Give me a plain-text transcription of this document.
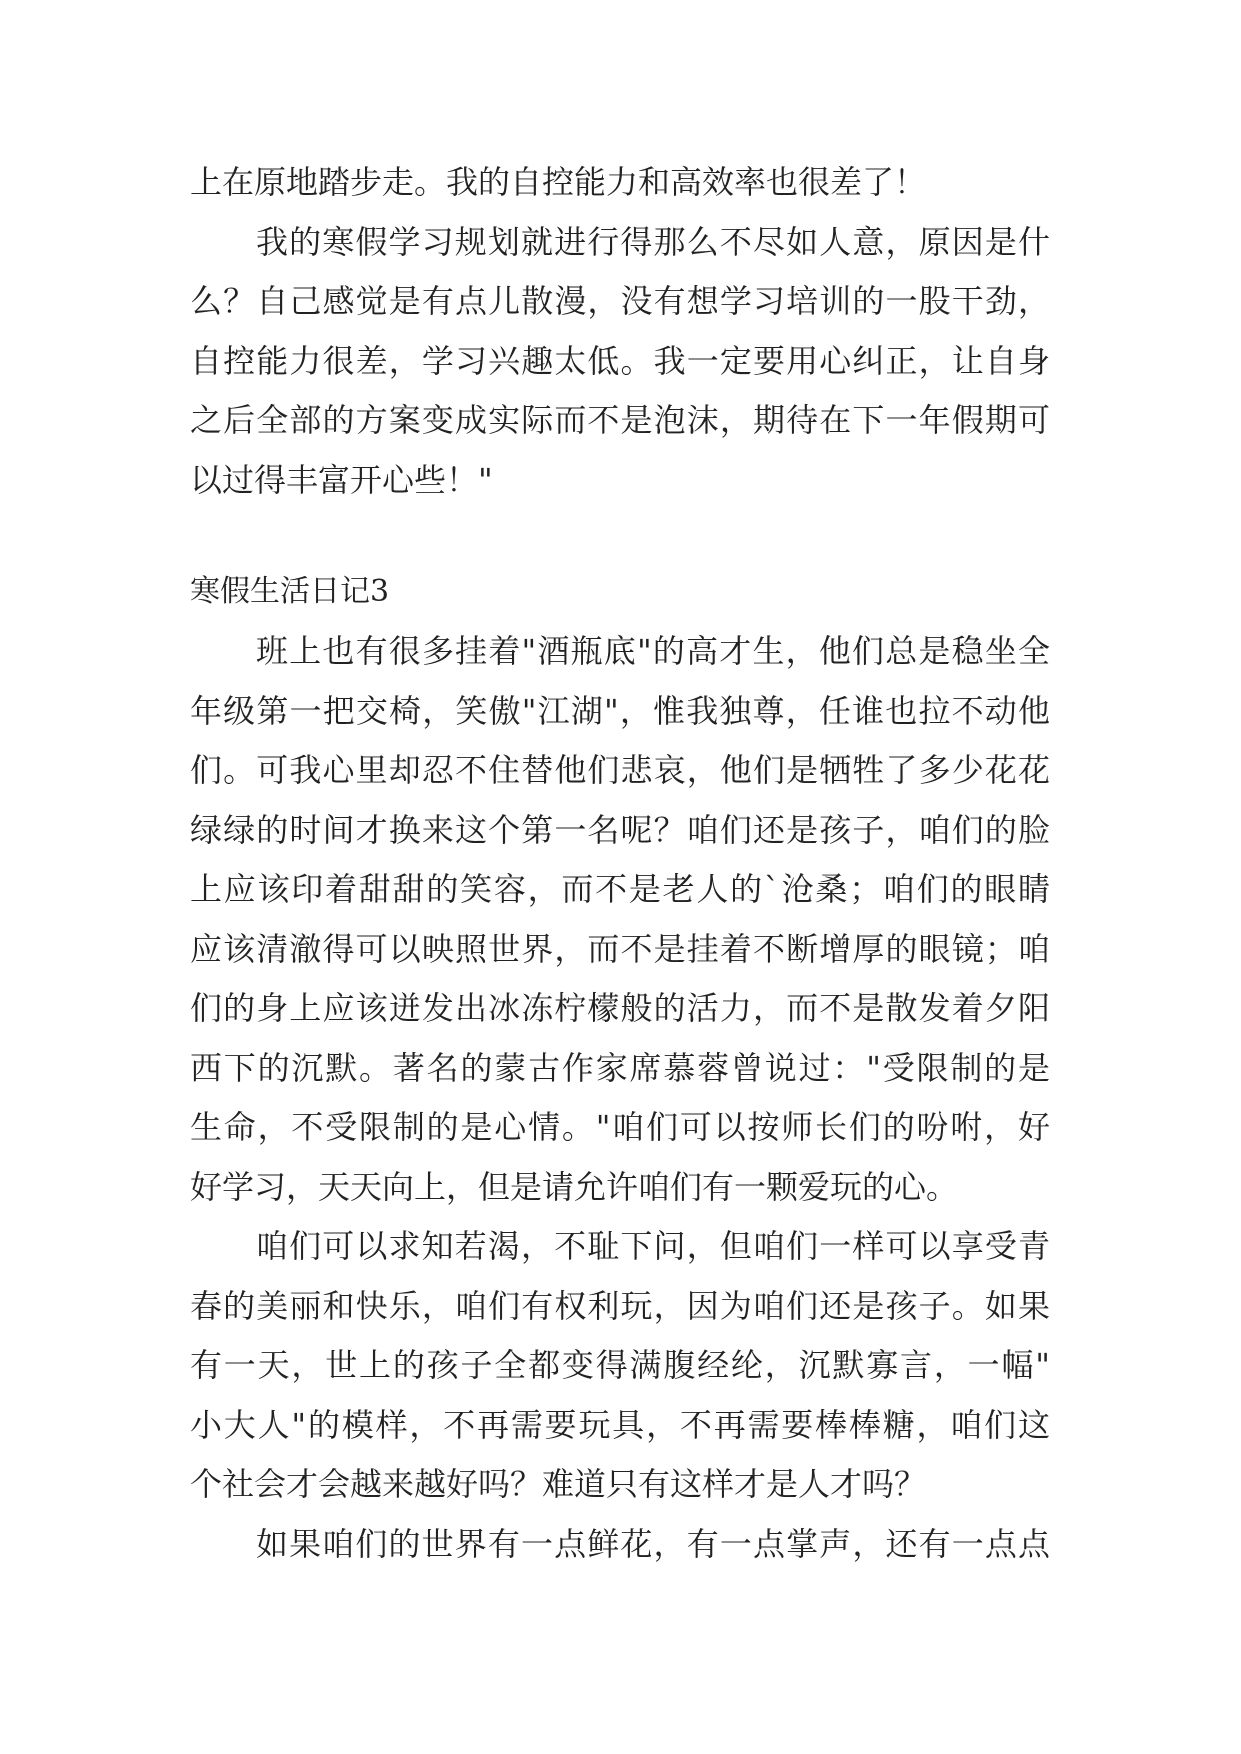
上在原地踏步走。我的自控能力和高效率也很差了！
我的寒假学习规划就进行得那么不尽如人意，原因是什
么？自己感觉是有点儿散漫，没有想学习培训的一股干劲，
自控能力很差，学习兴趣太低。我一定要用心纠正，让自身
之后全部的方案变成实际而不是泡沫，期待在下一年假期可
以过得丰富开心些！"
寒假生活日记3
班上也有很多挂着"酒瓶底"的高才生，他们总是稳坐全
年级第一把交椅，笑傲"江湖"，惟我独尊，任谁也拉不动他
们。可我心里却忍不住替他们悲哀，他们是牺牲了多少花花
绿绿的时间才换来这个第一名呢？咱们还是孩子，咱们的脸
上应该印着甜甜的笑容，而不是老人的`沧桑；咱们的眼睛
应该清澈得可以映照世界，而不是挂着不断增厚的眼镜；咱
们的身上应该迸发出冰冻柠檬般的活力，而不是散发着夕阳
西下的沉默。著名的蒙古作家席慕蓉曾说过："受限制的是
生命，不受限制的是心情。"咱们可以按师长们的吩咐，好
好学习，天天向上，但是请允许咱们有一颗爱玩的心。
咱们可以求知若渴，不耻下问，但咱们一样可以享受青
春的美丽和快乐，咱们有权利玩，因为咱们还是孩子。如果
有一天，世上的孩子全都变得满腹经纶，沉默寡言，一幅"
小大人"的模样，不再需要玩具，不再需要棒棒糖，咱们这
个社会才会越来越好吗？难道只有这样才是人才吗？
如果咱们的世界有一点鲜花，有一点掌声，还有一点点
